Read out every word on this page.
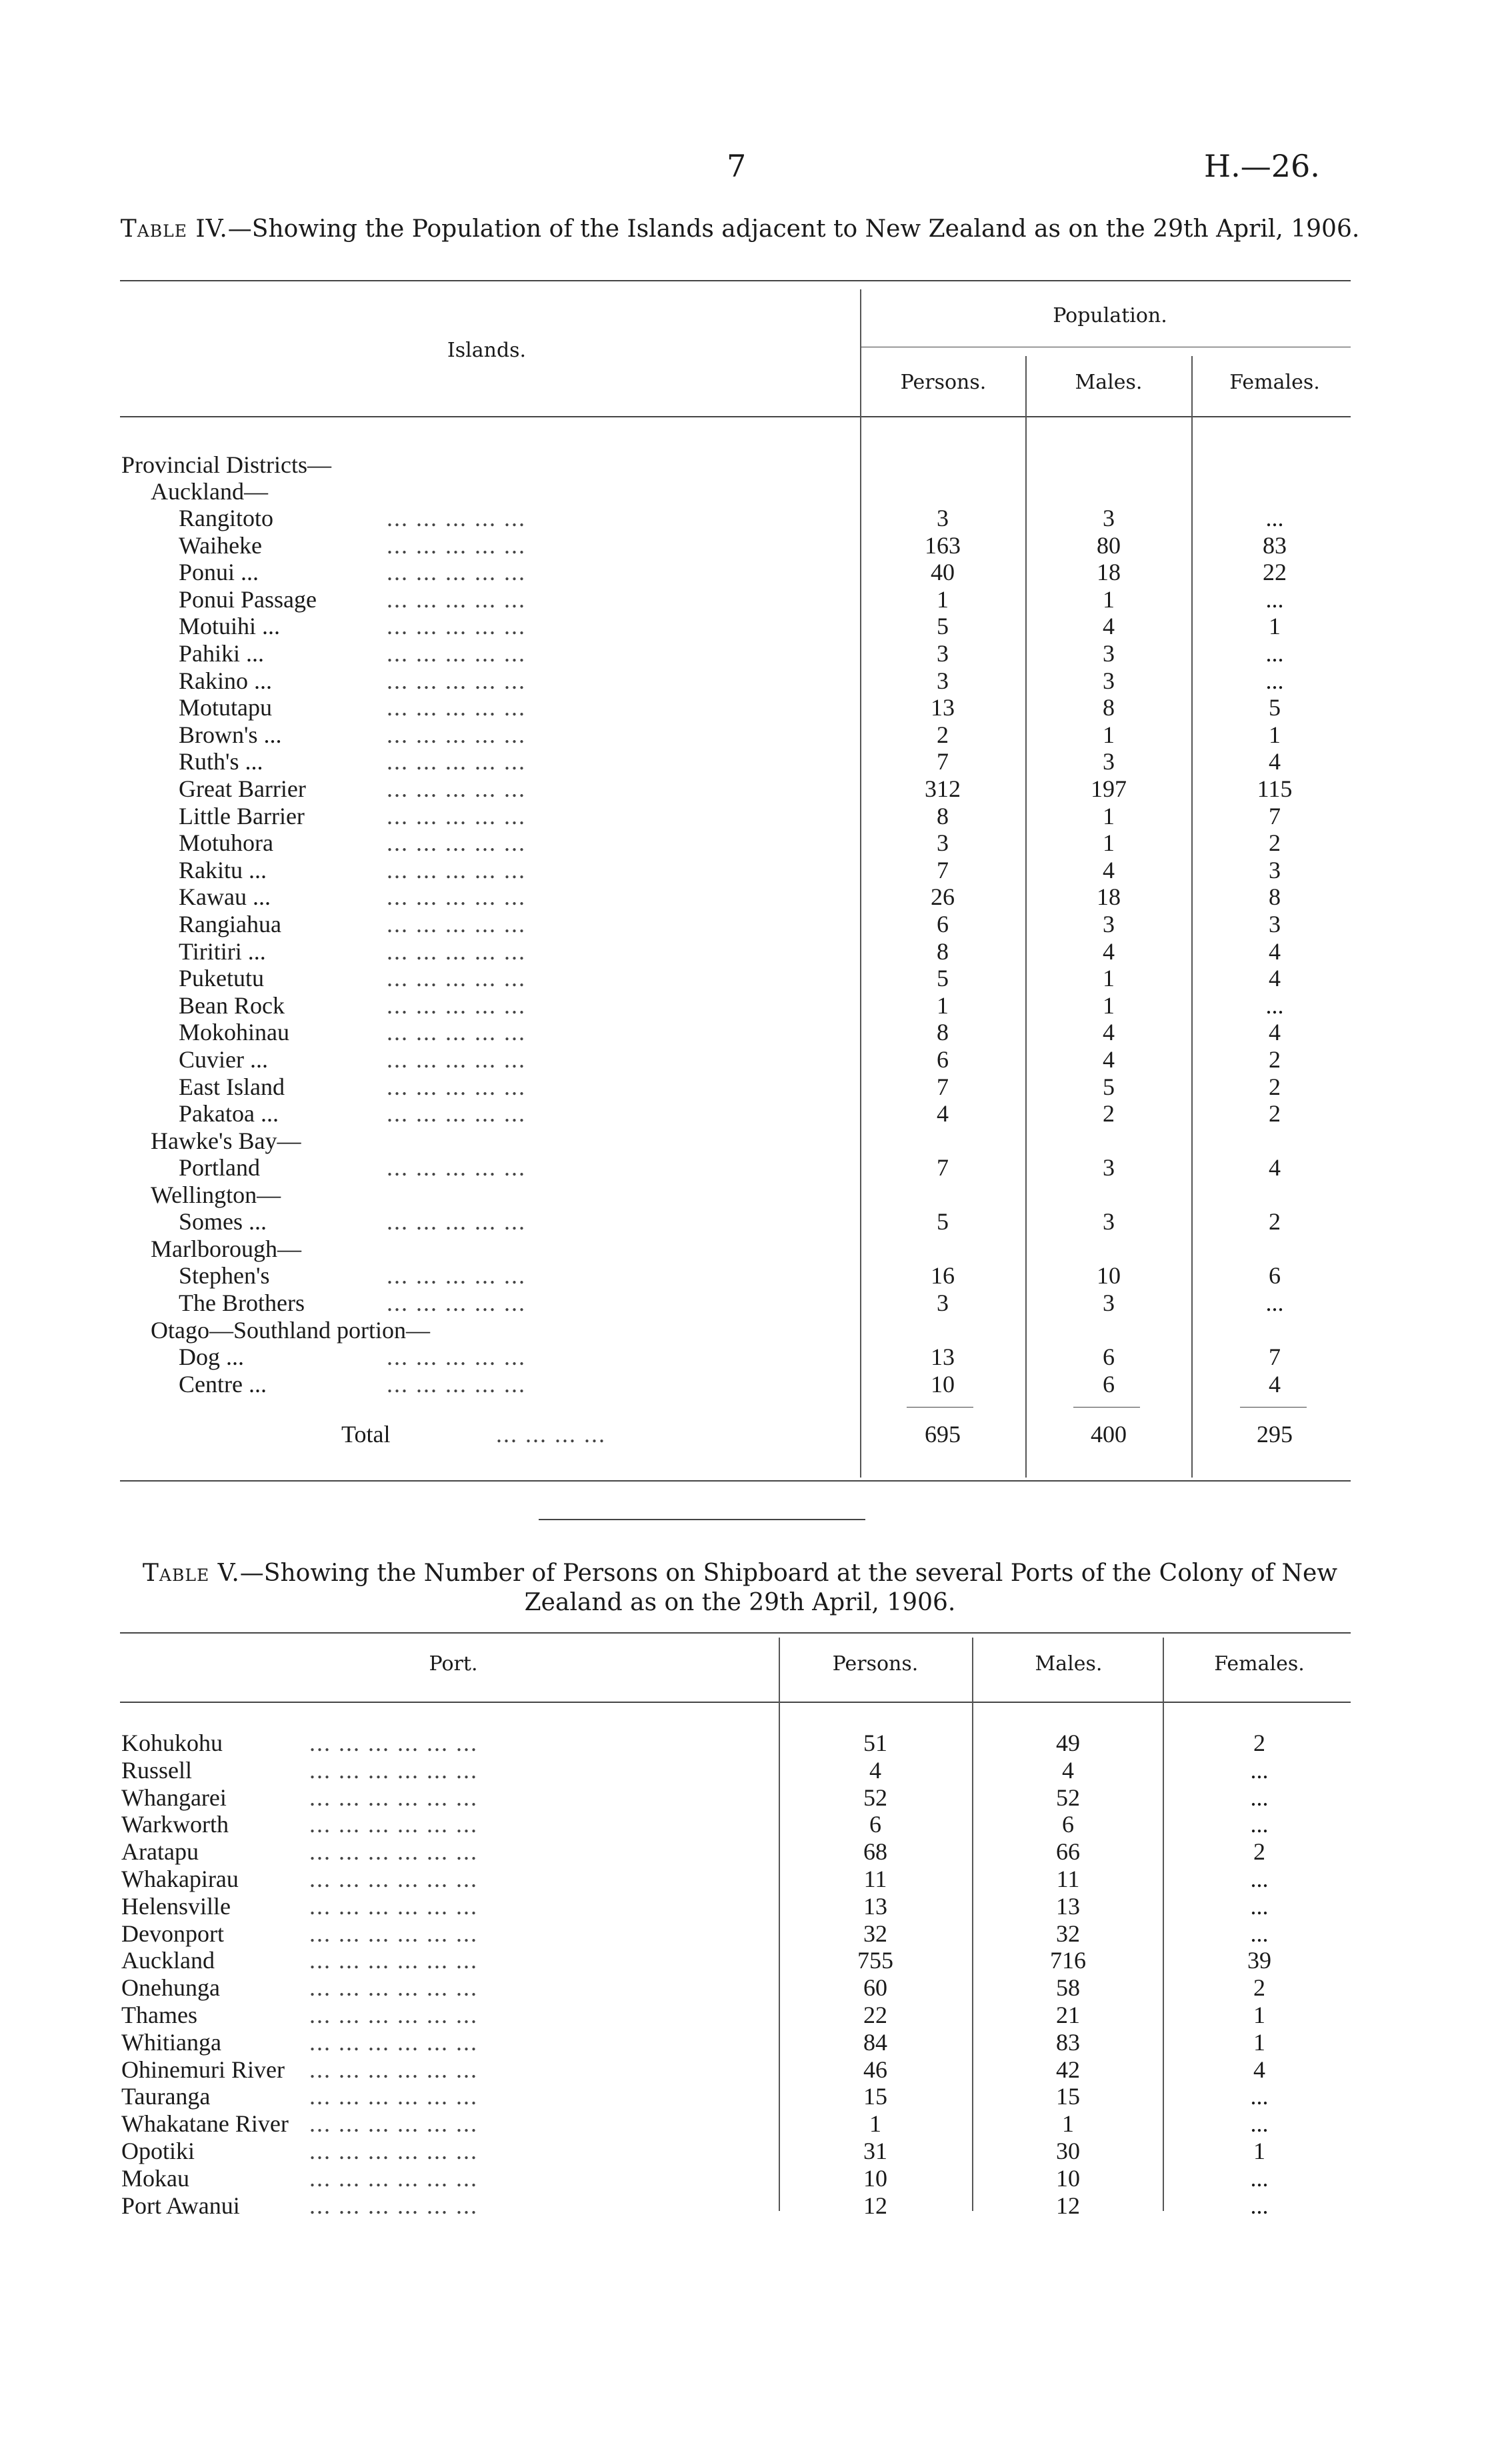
7	H.—26.
Table IV.—Showing the Population of the Islands adjacent to New Zealand as on the 29th April, 1906.
Islands.
Population.
Persons.	Males.	Females.
Provincial Districts—
Auckland—
Rangitoto	... ... ... ... ...	3	3	...
Waiheke	... ... ... ... ...	163	80	83
Ponui ...	... ... ... ... ...	40	18	22
Ponui Passage	... ... ... ... ...	1	1	...
Motuihi ...	... ... ... ... ...	5	4	1
Pahiki ...	... ... ... ... ...	3	3	...
Rakino ...	... ... ... ... ...	3	3	...
Motutapu	... ... ... ... ...	13	8	5
Brown's ...	... ... ... ... ...	2	1	1
Ruth's ...	... ... ... ... ...	7	3	4
Great Barrier	... ... ... ... ...	312	197	115
Little Barrier	... ... ... ... ...	8	1	7
Motuhora	... ... ... ... ...	3	1	2
Rakitu ...	... ... ... ... ...	7	4	3
Kawau ...	... ... ... ... ...	26	18	8
Rangiahua	... ... ... ... ...	6	3	3
Tiritiri ...	... ... ... ... ...	8	4	4
Puketutu	... ... ... ... ...	5	1	4
Bean Rock	... ... ... ... ...	1	1	...
Mokohinau	... ... ... ... ...	8	4	4
Cuvier ...	... ... ... ... ...	6	4	2
East Island	... ... ... ... ...	7	5	2
Pakatoa ...	... ... ... ... ...	4	2	2
Hawke's Bay—
Portland	... ... ... ... ...	7	3	4
Wellington—
Somes ...	... ... ... ... ...	5	3	2
Marlborough—
Stephen's	... ... ... ... ...	16	10	6
The Brothers	... ... ... ... ...	3	3	...
Otago—Southland portion—
Dog ...	... ... ... ... ...	13	6	7
Centre ...	... ... ... ... ...	10	6	4
Total	... ... ... ...	695	400	295
Table V.—Showing the Number of Persons on Shipboard at the several Ports of the Colony of New Zealand as on the 29th April, 1906.
Port.	Persons.	Males.	Females.
Kohukohu	... ... ... ... ... ...	51	49	2
Russell	... ... ... ... ... ...	4	4	...
Whangarei	... ... ... ... ... ...	52	52	...
Warkworth	... ... ... ... ... ...	6	6	...
Aratapu	... ... ... ... ... ...	68	66	2
Whakapirau	... ... ... ... ... ...	11	11	...
Helensville	... ... ... ... ... ...	13	13	...
Devonport	... ... ... ... ... ...	32	32	...
Auckland	... ... ... ... ... ...	755	716	39
Onehunga	... ... ... ... ... ...	60	58	2
Thames	... ... ... ... ... ...	22	21	1
Whitianga	... ... ... ... ... ...	84	83	1
Ohinemuri River ... ... ... ... ... ...	46	42	4
Tauranga	... ... ... ... ... ...	15	15	...
Whakatane River ... ... ... ... ... ...	1	1	...
Opotiki	... ... ... ... ... ...	31	30	1
Mokau	... ... ... ... ... ...	10	10	...
Port Awanui	... ... ... ... ... ...	12	12	...
